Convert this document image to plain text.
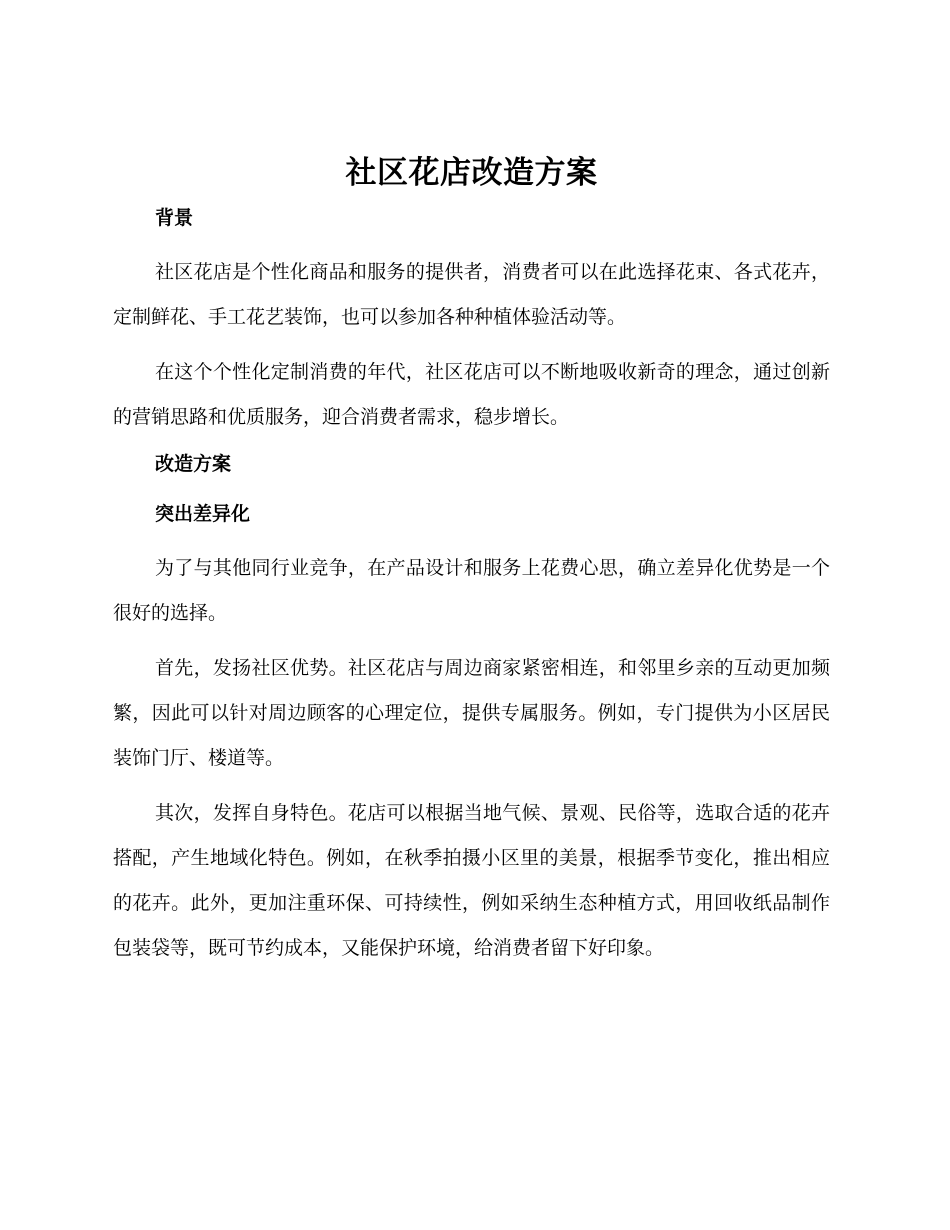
社区花店改造方案
背景

社区花店是个性化商品和服务的提供者，消费者可以在此选择花束、各式花卉，定制鲜花、手工花艺装饰，也可以参加各种种植体验活动等。

在这个个性化定制消费的年代，社区花店可以不断地吸收新奇的理念，通过创新的营销思路和优质服务，迎合消费者需求，稳步增长。

改造方案
突出差异化

为了与其他同行业竞争，在产品设计和服务上花费心思，确立差异化优势是一个很好的选择。

首先，发扬社区优势。社区花店与周边商家紧密相连，和邻里乡亲的互动更加频繁，因此可以针对周边顾客的心理定位，提供专属服务。例如，专门提供为小区居民装饰门厅、楼道等。

其次，发挥自身特色。花店可以根据当地气候、景观、民俗等，选取合适的花卉搭配，产生地域化特色。例如，在秋季拍摄小区里的美景，根据季节变化，推出相应的花卉。此外，更加注重环保、可持续性，例如采纳生态种植方式，用回收纸品制作包装袋等，既可节约成本，又能保护环境，给消费者留下好印象。
